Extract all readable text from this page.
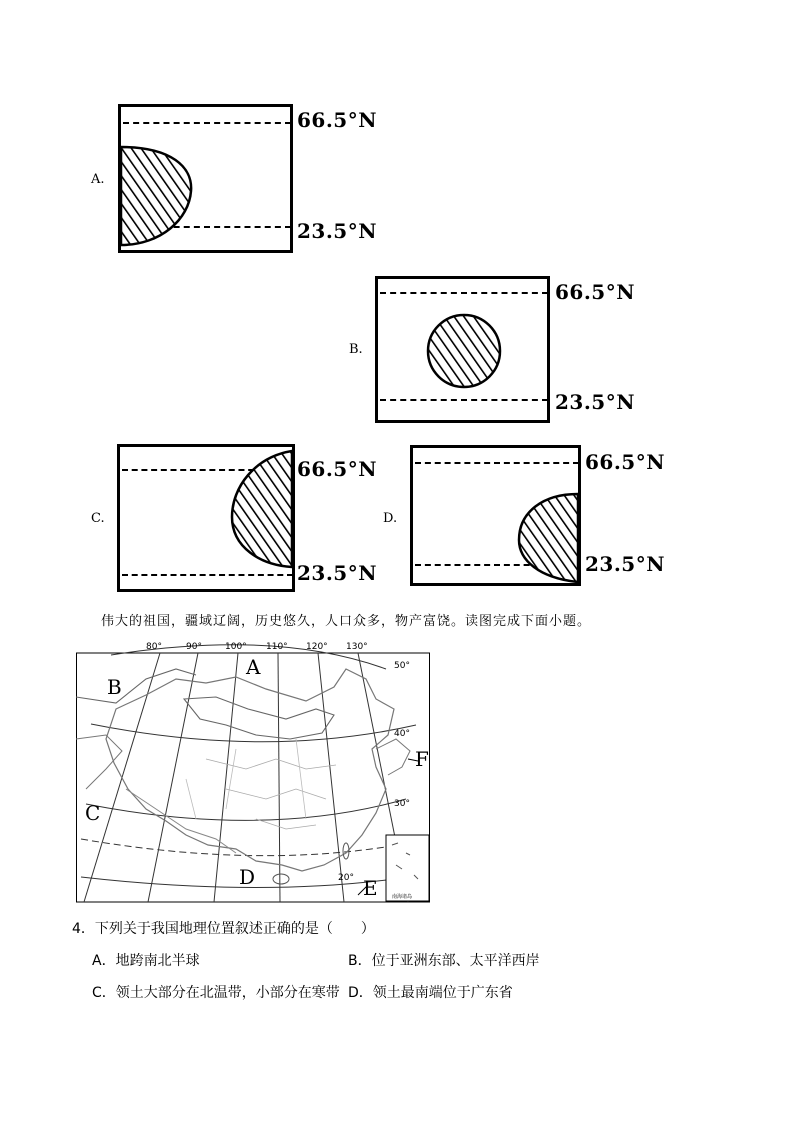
A.
66.5°N
23.5°N
B.
66.5°N
23.5°N
C.
66.5°N
23.5°N
D.
66.5°N
23.5°N
伟大的祖国，疆域辽阔，历史悠久，人口众多，物产富饶。读图完成下面小题。
80°	90°	100° 110° 120° 130°
50°
40°
30°
20°
A
B
C
D	E
F
南海诸岛
4．下列关于我国地理位置叙述正确的是（　　）
A．地跨南北半球	B．位于亚洲东部、太平洋西岸
C．领土大部分在北温带，小部分在寒带 D．领土最南端位于广东省
